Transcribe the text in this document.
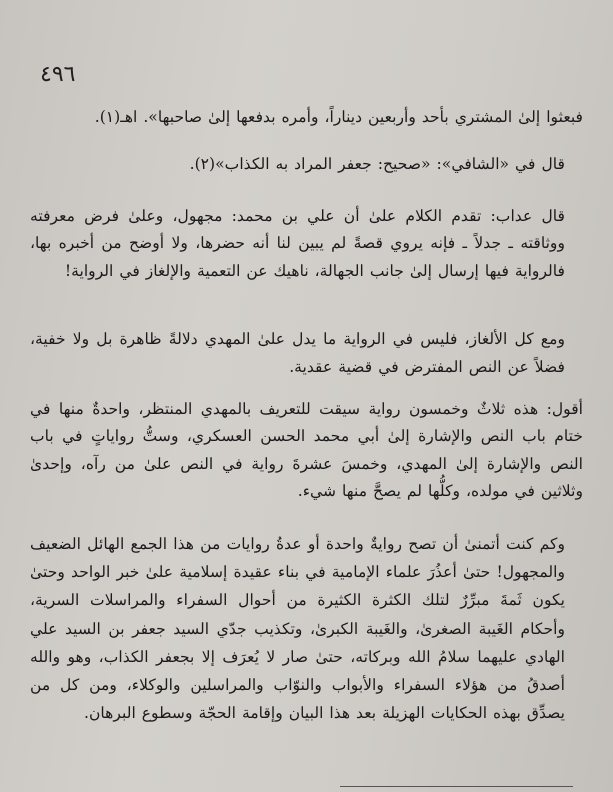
٤٩٦
فبعثوا إلىٰ المشتري بأحد وأربعين ديناراً، وأمره بدفعها إلىٰ صاحبها». اهـ(١).
قال في «الشافي»: «صحيح: جعفر المراد به الكذاب»(٢).
قال عداب: تقدم الكلام علىٰ أن علي بن محمد: مجهول، وعلىٰ فرض معرفته ووثاقته ـ جدلاً ـ فإنه يروي قصةً لم يبين لنا أنه حضرها، ولا أوضح من أخبره بها، فالرواية فيها إرسال إلىٰ جانب الجهالة، ناهيك عن التعمية والإلغاز في الرواية!
ومع كل الألغاز، فليس في الرواية ما يدل علىٰ المهدي دلالةً ظاهرة بل ولا خفية، فضلاً عن النص المفترض في قضية عقدية.
أقول: هذه ثلاثٌ وخمسون رواية سيقت للتعريف بالمهدي المنتظر، واحدةٌ منها في ختام باب النص والإشارة إلىٰ أبي محمد الحسن العسكري، وستُّ رواياتٍ في باب النص والإشارة إلىٰ المهدي، وخمسَ عشرةَ رواية في النص علىٰ من رآه، وإحدىٰ وثلاثين في مولده، وكلُّها لم يصحَّ منها شيء.
وكم كنت أتمنىٰ أن تصح روايةٌ واحدة أو عدةُ روايات من هذا الجمع الهائل الضعيف والمجهول! حتىٰ أعذُرَ علماء الإمامية في بناء عقيدة إسلامية علىٰ خبر الواحد وحتىٰ يكون ثَمةَ مبرِّرٌ لتلك الكثرة الكثيرة من أحوال السفراء والمراسلات السرية، وأحكام الغَيبة الصغرىٰ، والغَيبة الكبرىٰ، وتكذيب جدّي السيد جعفر بن السيد علي الهادي عليهما سلامُ الله وبركاته، حتىٰ صار لا يُعرَف إلا بجعفر الكذاب، وهو والله أصدقُ من هؤلاء السفراء والأبواب والنوّاب والمراسلين والوكلاء، ومن كل من يصدِّق بهذه الحكايات الهزيلة بعد هذا البيان وإقامة الحجّة وسطوع البرهان.
